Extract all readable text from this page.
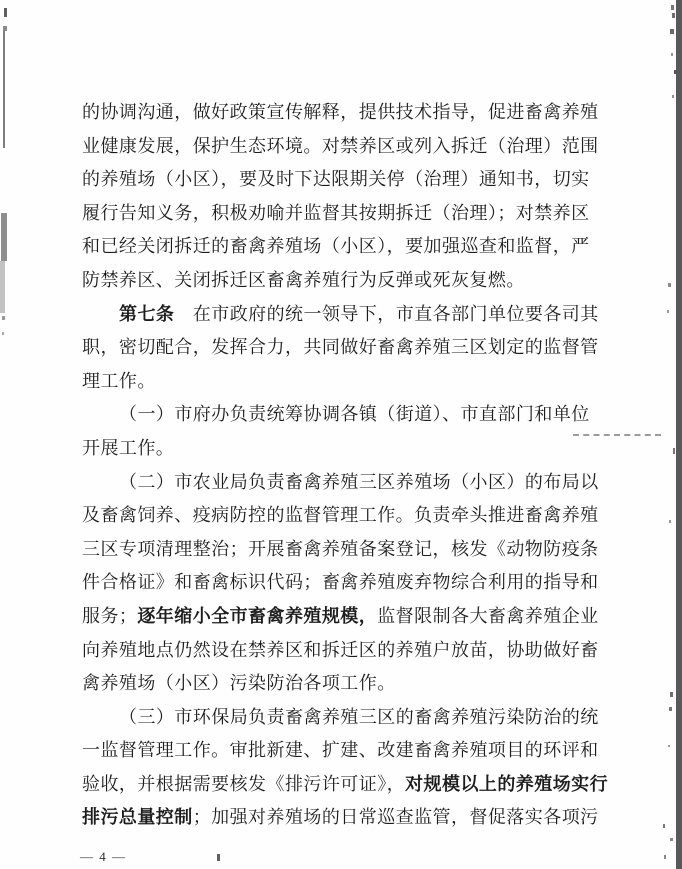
的协调沟通，做好政策宣传解释，提供技术指导，促进畜禽养殖
业健康发展，保护生态环境。对禁养区或列入拆迁（治理）范围
的养殖场（小区），要及时下达限期关停（治理）通知书，切实
履行告知义务，积极劝喻并监督其按期拆迁（治理）；对禁养区
和已经关闭拆迁的畜禽养殖场（小区），要加强巡查和监督，严
防禁养区、关闭拆迁区畜禽养殖行为反弹或死灰复燃。
第七条　在市政府的统一领导下，市直各部门单位要各司其
职，密切配合，发挥合力，共同做好畜禽养殖三区划定的监督管
理工作。
（一）市府办负责统筹协调各镇（街道）、市直部门和单位
开展工作。
（二）市农业局负责畜禽养殖三区养殖场（小区）的布局以
及畜禽饲养、疫病防控的监督管理工作。负责牵头推进畜禽养殖
三区专项清理整治；开展畜禽养殖备案登记，核发《动物防疫条
件合格证》和畜禽标识代码；畜禽养殖废弃物综合利用的指导和
服务；逐年缩小全市畜禽养殖规模，监督限制各大畜禽养殖企业
向养殖地点仍然设在禁养区和拆迁区的养殖户放苗，协助做好畜
禽养殖场（小区）污染防治各项工作。
（三）市环保局负责畜禽养殖三区的畜禽养殖污染防治的统
一监督管理工作。审批新建、扩建、改建畜禽养殖项目的环评和
验收，并根据需要核发《排污许可证》，对规模以上的养殖场实行
排污总量控制；加强对养殖场的日常巡查监管，督促落实各项污
— 4 —
